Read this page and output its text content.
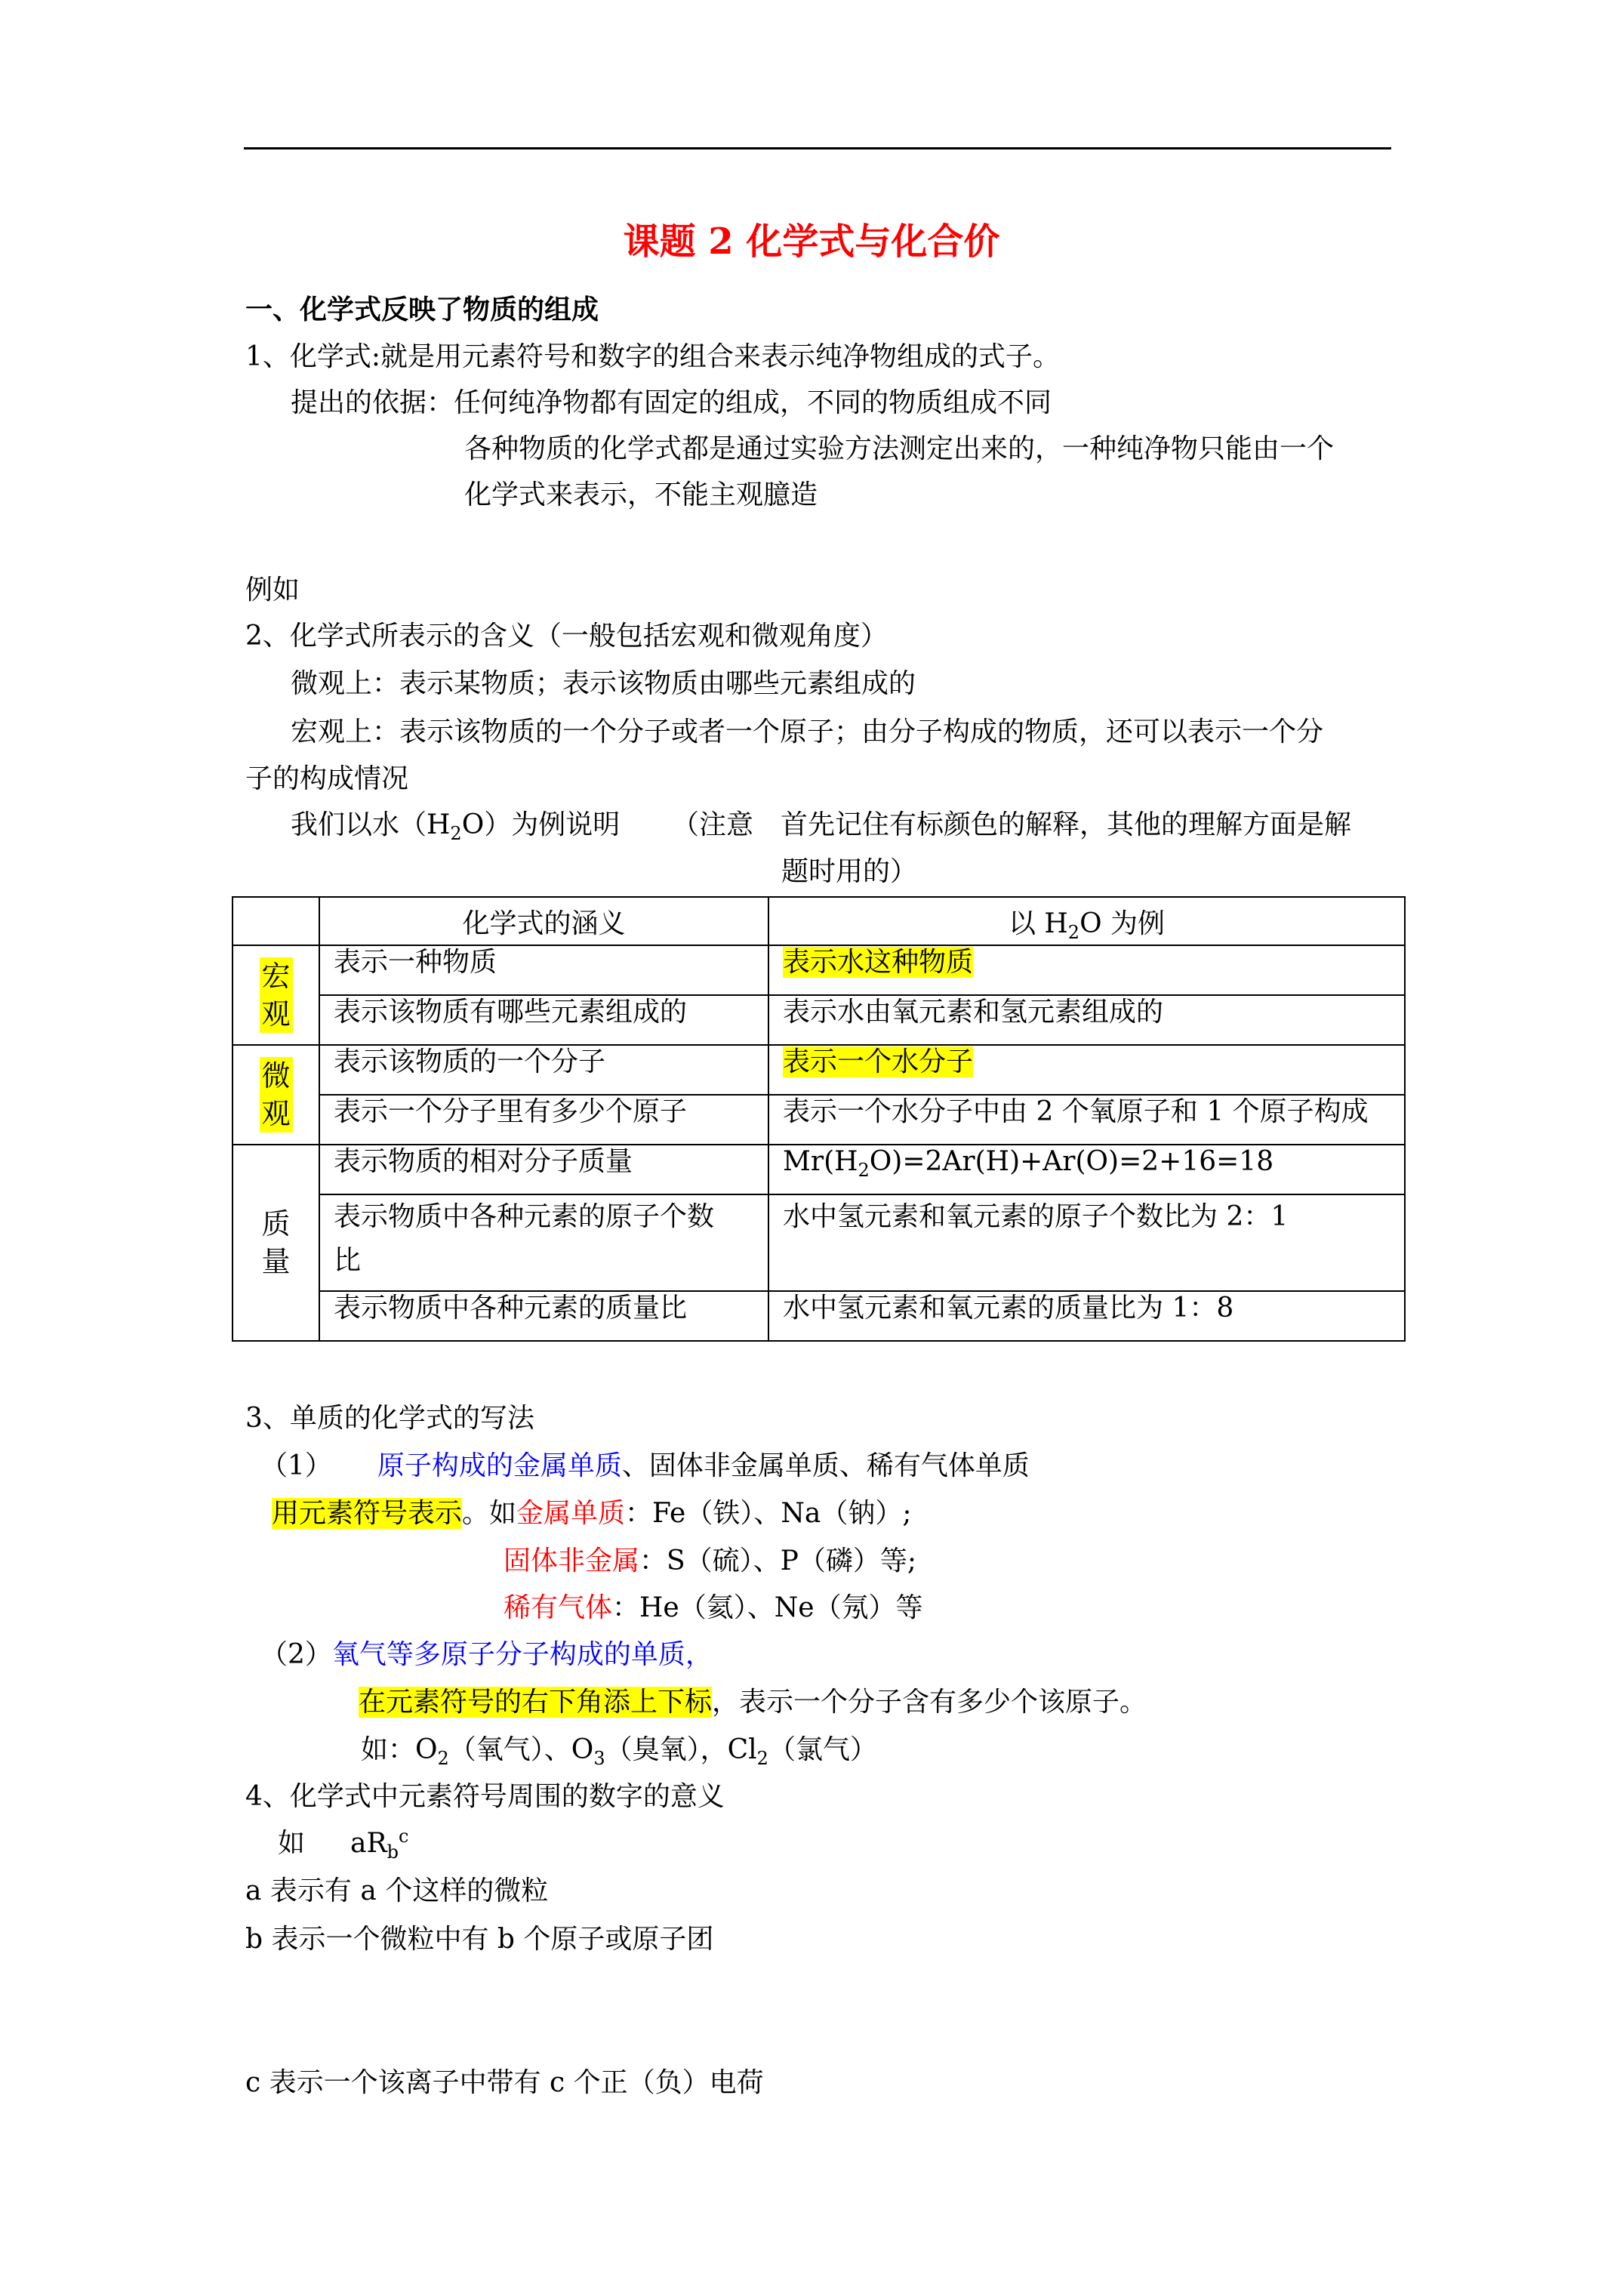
课题 2 化学式与化合价
一、化学式反映了物质的组成
1、化学式:就是用元素符号和数字的组合来表示纯净物组成的式子。
提出的依据：任何纯净物都有固定的组成，不同的物质组成不同
各种物质的化学式都是通过实验方法测定出来的，一种纯净物只能由一个
化学式来表示，不能主观臆造
例如
2、化学式所表示的含义（一般包括宏观和微观角度）
微观上：表示某物质；表示该物质由哪些元素组成的
宏观上：表示该物质的一个分子或者一个原子；由分子构成的物质，还可以表示一个分
子的构成情况
我们以水$(H_2O)$为例说明 （注意　首先记住有标颜色的解释，其他的理解方面是解
题时用的）
	化学式的涵义	以 $H_2O$ 为例
宏
观	表示一种物质	表示水这种物质
	表示该物质有哪些元素组成的	表示水由氧元素和氢元素组成的
微
观	表示该物质的一个分子	表示一个水分子
	表示一个分子里有多少个原子	表示一个水分子中由 2 个氧原子和 1 个原子构成
质
量	表示物质的相对分子质量	$Mr(H_2O)=2Ar(H)+Ar(O)=2+16=18$
	表示物质中各种元素的原子个数
比	水中氢元素和氧元素的原子个数比为 2：1
	表示物质中各种元素的质量比	水中氢元素和氧元素的质量比为 1：8
3、单质的化学式的写法
（1） 原子构成的金属单质、固体非金属单质、稀有气体单质
用元素符号表示。如金属单质：Fe（铁）、Na（钠）;
固体非金属：S（硫）、P（磷）等;
稀有气体：He（氦）、Ne（氖）等
（2）氧气等多原子分子构成的单质，
在元素符号的右下角添上下标，表示一个分子含有多少个该原子。
如：$O_2$（氧气）、$O_3$（臭氧），$Cl_2$（氯气）
4、化学式中元素符号周围的数字的意义
如 $aR_b^c$
a 表示有 a 个这样的微粒
b 表示一个微粒中有 b 个原子或原子团
c 表示一个该离子中带有 c 个正（负）电荷
